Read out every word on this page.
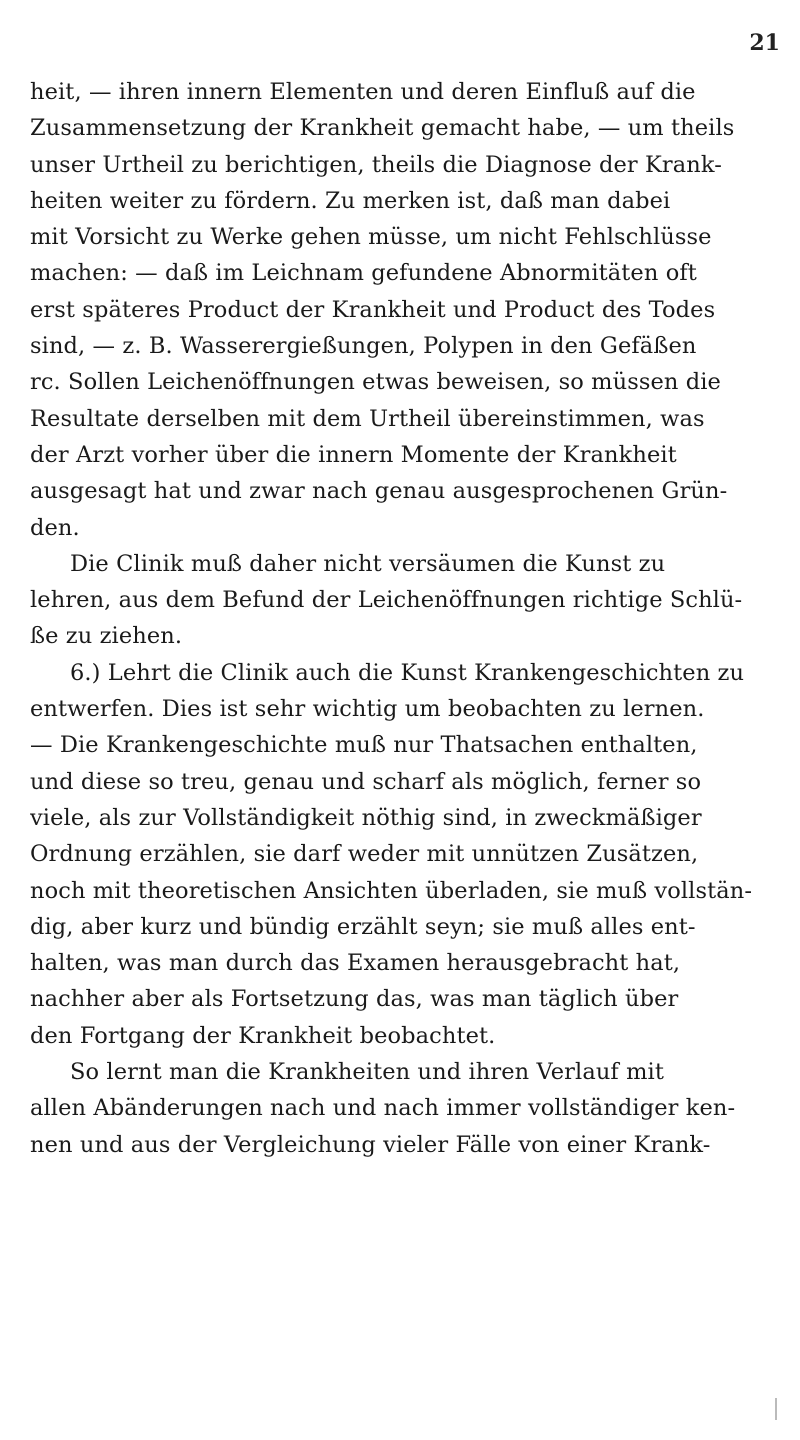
21
heit, — ihren innern Elementen und deren Einfluß auf die
Zusammensetzung der Krankheit gemacht habe, — um theils
unser Urtheil zu berichtigen, theils die Diagnose der Krank-
heiten weiter zu fördern. Zu merken ist, daß man dabei
mit Vorsicht zu Werke gehen müsse, um nicht Fehlschlüsse
machen: — daß im Leichnam gefundene Abnormitäten oft
erst späteres Product der Krankheit und Product des Todes
sind, — z. B. Wasserergießungen, Polypen in den Gefäßen
rc. Sollen Leichenöffnungen etwas beweisen, so müssen die
Resultate derselben mit dem Urtheil übereinstimmen, was
der Arzt vorher über die innern Momente der Krankheit
ausgesagt hat und zwar nach genau ausgesprochenen Grün-
den.
Die Clinik muß daher nicht versäumen die Kunst zu
lehren, aus dem Befund der Leichenöffnungen richtige Schlü-
ße zu ziehen.
6.) Lehrt die Clinik auch die Kunst Krankengeschichten zu
entwerfen. Dies ist sehr wichtig um beobachten zu lernen.
— Die Krankengeschichte muß nur Thatsachen enthalten,
und diese so treu, genau und scharf als möglich, ferner so
viele, als zur Vollständigkeit nöthig sind, in zweckmäßiger
Ordnung erzählen, sie darf weder mit unnützen Zusätzen,
noch mit theoretischen Ansichten überladen, sie muß vollstän-
dig, aber kurz und bündig erzählt seyn; sie muß alles ent-
halten, was man durch das Examen herausgebracht hat,
nachher aber als Fortsetzung das, was man täglich über
den Fortgang der Krankheit beobachtet.
So lernt man die Krankheiten und ihren Verlauf mit
allen Abänderungen nach und nach immer vollständiger ken-
nen und aus der Vergleichung vieler Fälle von einer Krank-
